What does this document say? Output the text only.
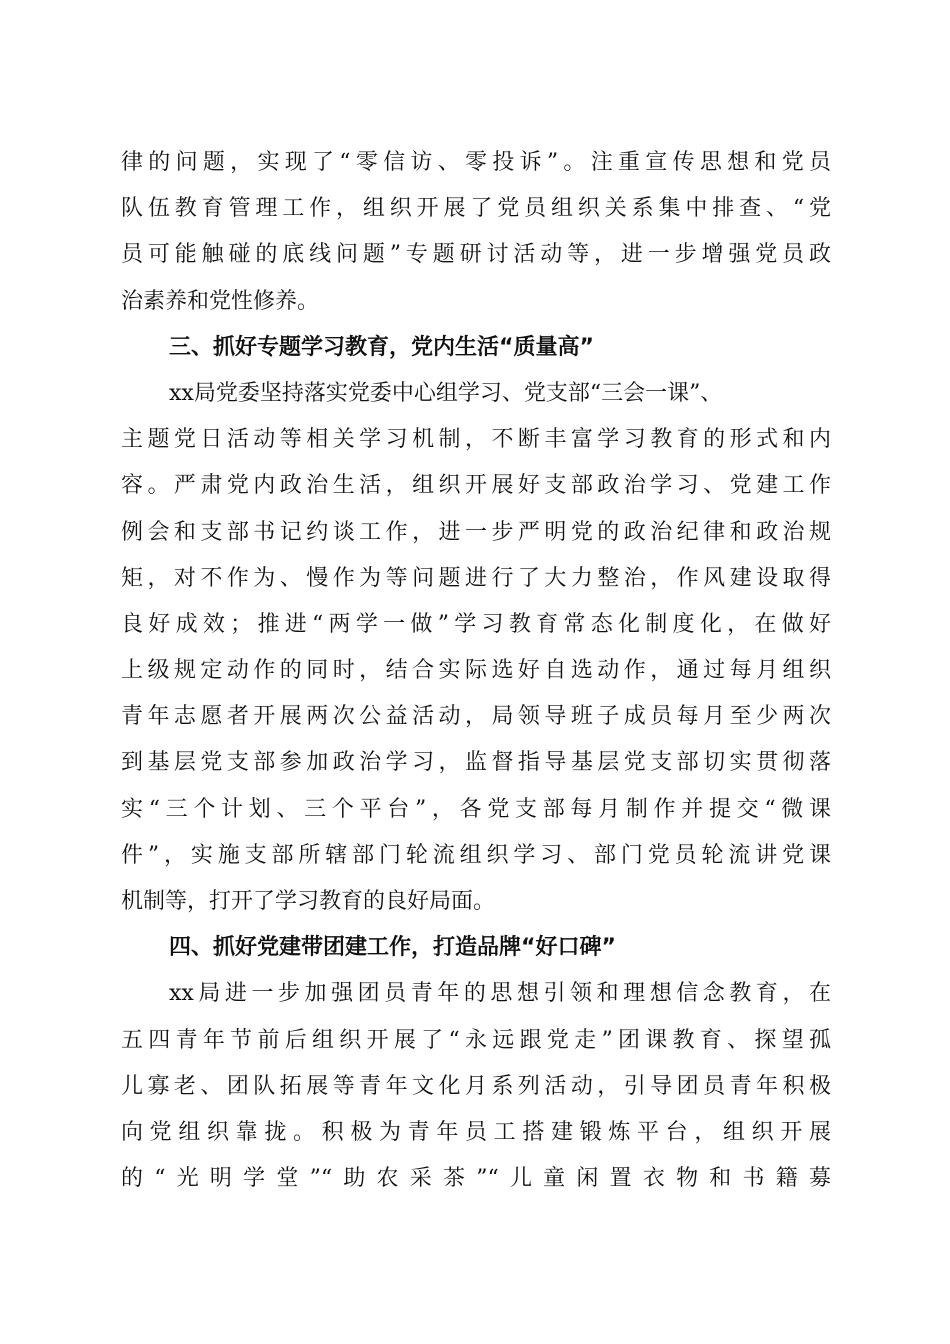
律的问题，实现了“零信访、零投诉”。注重宣传思想和党员
队伍教育管理工作，组织开展了党员组织关系集中排查、“党
员可能触碰的底线问题”专题研讨活动等，进一步增强党员政
治素养和党性修养。
三、抓好专题学习教育，党内生活“质量高”
xx局党委坚持落实党委中心组学习、党支部“三会一课”、
主题党日活动等相关学习机制，不断丰富学习教育的形式和内
容。严肃党内政治生活，组织开展好支部政治学习、党建工作
例会和支部书记约谈工作，进一步严明党的政治纪律和政治规
矩，对不作为、慢作为等问题进行了大力整治，作风建设取得
良好成效；推进“两学一做”学习教育常态化制度化，在做好
上级规定动作的同时，结合实际选好自选动作，通过每月组织
青年志愿者开展两次公益活动，局领导班子成员每月至少两次
到基层党支部参加政治学习，监督指导基层党支部切实贯彻落
实“三个计划、三个平台”，各党支部每月制作并提交“微课
件”，实施支部所辖部门轮流组织学习、部门党员轮流讲党课
机制等，打开了学习教育的良好局面。
四、抓好党建带团建工作，打造品牌“好口碑”
xx局进一步加强团员青年的思想引领和理想信念教育，在
五四青年节前后组织开展了“永远跟党走”团课教育、探望孤
儿寡老、团队拓展等青年文化月系列活动，引导团员青年积极
向党组织靠拢。积极为青年员工搭建锻炼平台，组织开展
的“光明学堂”“助农采茶”“儿童闲置衣物和书籍募
